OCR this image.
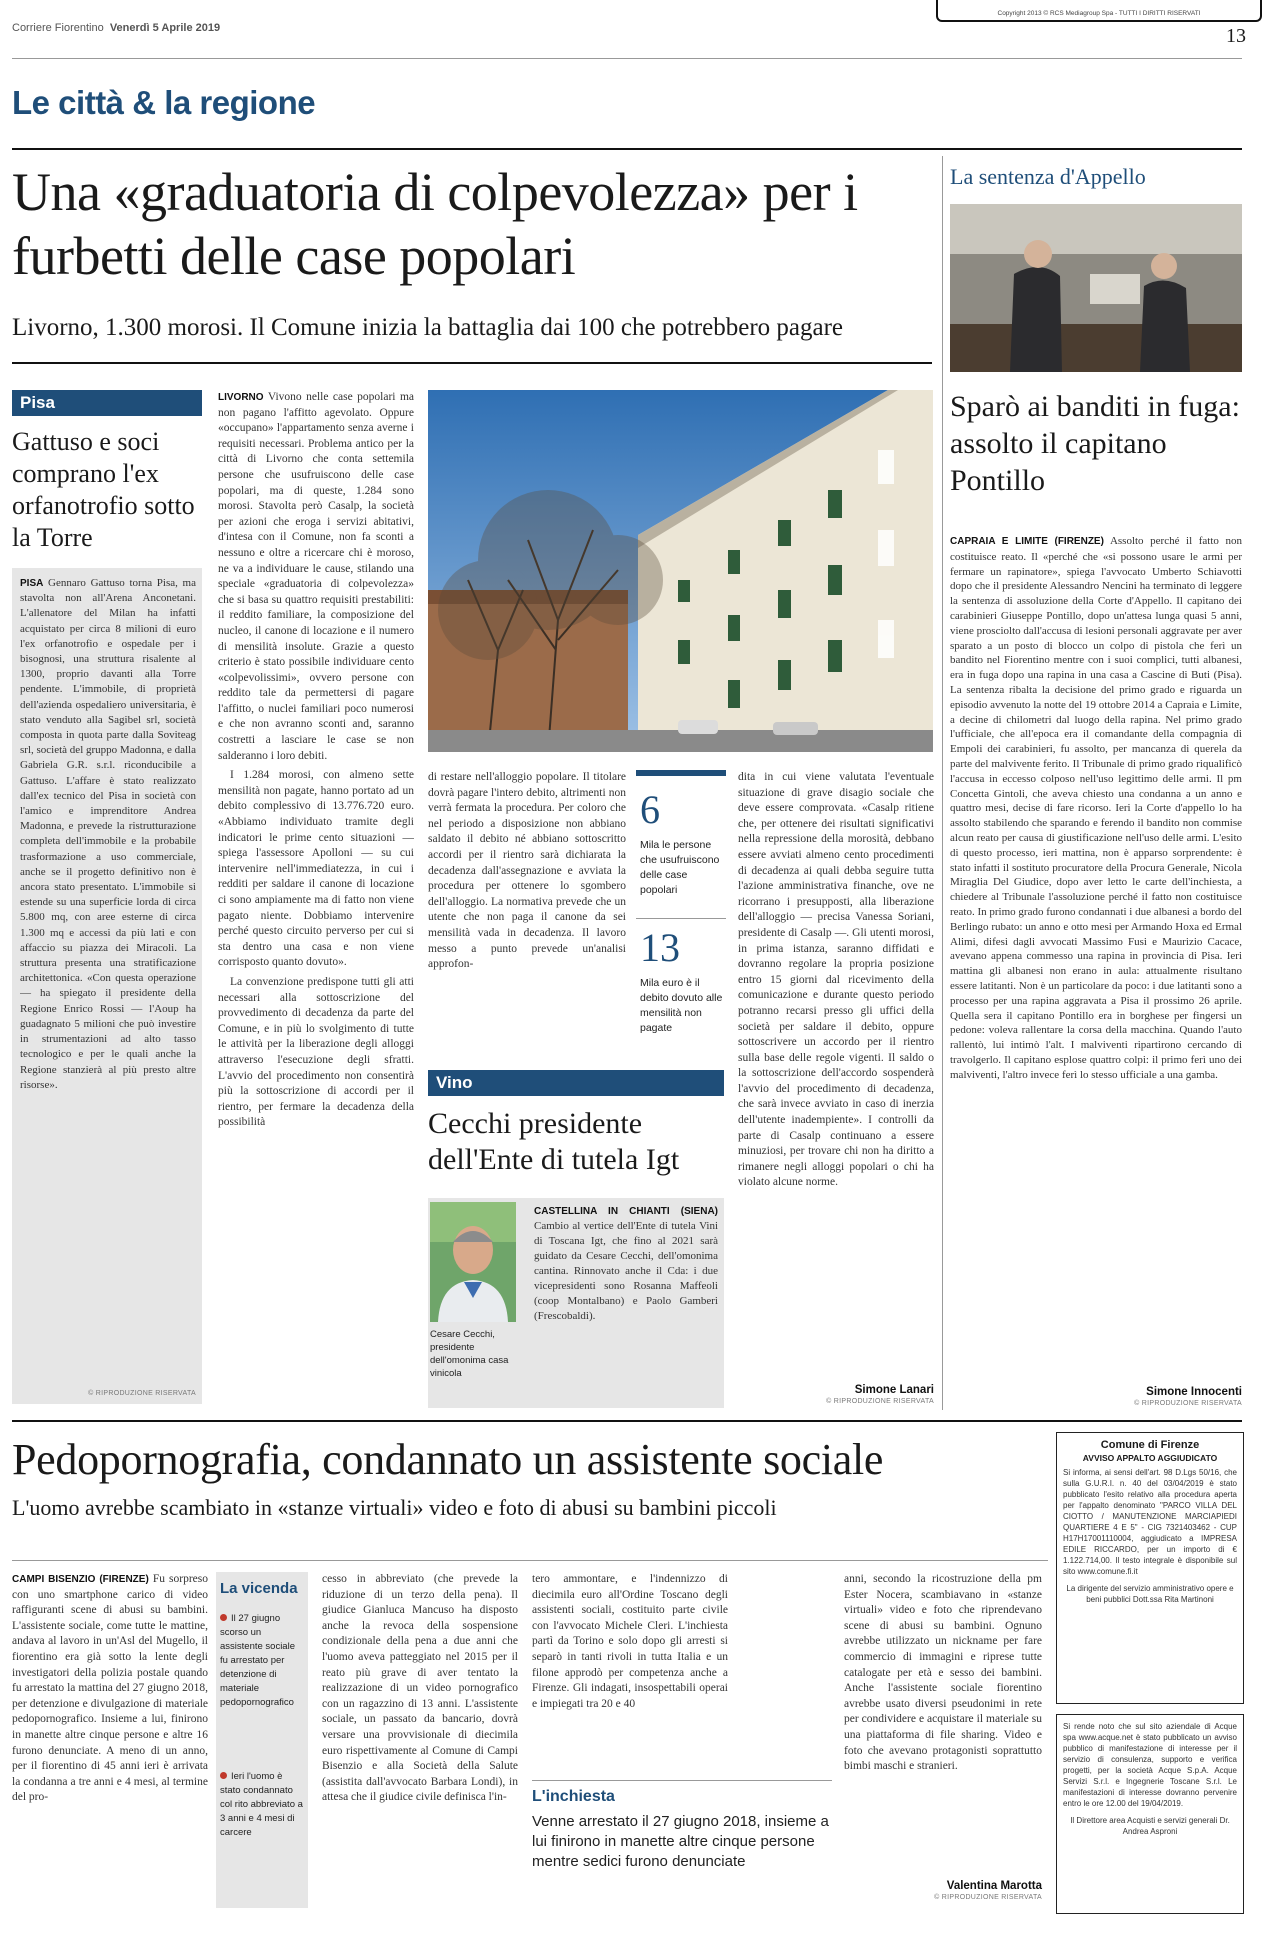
Corriere Fiorentino Venerdì 5 Aprile 2019
Copyright 2013 © RCS Mediagroup Spa - TUTTI I DIRITTI RISERVATI
13
Le città & la regione
Una «graduatoria di colpevolezza» per i furbetti delle case popolari
Livorno, 1.300 morosi. Il Comune inizia la battaglia dai 100 che potrebbero pagare
Pisa
Gattuso e soci comprano l'ex orfanotrofio sotto la Torre
PISA Gennaro Gattuso torna Pisa, ma stavolta non all'Arena Anconetani. L'allenatore del Milan ha infatti acquistato per circa 8 milioni di euro l'ex orfanotrofio e ospedale per i bisognosi, una struttura risalente al 1300, proprio davanti alla Torre pendente. L'immobile, di proprietà dell'azienda ospedaliero universitaria, è stato venduto alla Sagibel srl, società composta in quota parte dalla Soviteag srl, società del gruppo Madonna, e dalla Gabriela G.R. s.r.l. riconducibile a Gattuso. L'affare è stato realizzato dall'ex tecnico del Pisa in società con l'amico e imprenditore Andrea Madonna, e prevede la ristrutturazione completa dell'immobile e la probabile trasformazione a uso commerciale, anche se il progetto definitivo non è ancora stato presentato. L'immobile si estende su una superficie lorda di circa 5.800 mq, con aree esterne di circa 1.300 mq e accessi da più lati e con affaccio su piazza dei Miracoli. La struttura presenta una stratificazione architettonica. «Con questa operazione — ha spiegato il presidente della Regione Enrico Rossi — l'Aoup ha guadagnato 5 milioni che può investire in strumentazioni ad alto tasso tecnologico e per le quali anche la Regione stanzierà al più presto altre risorse».
© RIPRODUZIONE RISERVATA
LIVORNO Vivono nelle case popolari ma non pagano l'affitto agevolato. Oppure «occupano» l'appartamento senza averne i requisiti necessari. Problema antico per la città di Livorno che conta settemila persone che usufruiscono delle case popolari, ma di queste, 1.284 sono morosi. Stavolta però Casalp, la società per azioni che eroga i servizi abitativi, d'intesa con il Comune, non fa sconti a nessuno e oltre a ricercare chi è moroso, ne va a individuare le cause, stilando una speciale «graduatoria di colpevolezza» che si basa su quattro requisiti prestabiliti: il reddito familiare, la composizione del nucleo, il canone di locazione e il numero di mensilità insolute. Grazie a questo criterio è stato possibile individuare cento «colpevolissimi», ovvero persone con reddito tale da permettersi di pagare l'affitto, o nuclei familiari poco numerosi e che non avranno sconti and, saranno costretti a lasciare le case se non salderanno i loro debiti.

I 1.284 morosi, con almeno sette mensilità non pagate, hanno portato ad un debito complessivo di 13.776.720 euro. «Abbiamo individuato tramite degli indicatori le prime cento situazioni — spiega l'assessore Apolloni — su cui intervenire nell'immediatezza, in cui i redditi per saldare il canone di locazione ci sono ampiamente ma di fatto non viene pagato niente. Dobbiamo intervenire perché questo circuito perverso per cui si sta dentro una casa e non viene corrisposto quanto dovuto».

La convenzione predispone tutti gli atti necessari alla sottoscrizione del provvedimento di decadenza da parte del Comune, e in più lo svolgimento di tutte le attività per la liberazione degli alloggi attraverso l'esecuzione degli sfratti. L'avvio del procedimento non consentirà più la sottoscrizione di accordi per il rientro, per fermare la decadenza della possibilità

di restare nell'alloggio popolare. Il titolare dovrà pagare l'intero debito, altrimenti non verrà fermata la procedura. Per coloro che nel periodo a disposizione non abbiano saldato il debito né abbiano sottoscritto accordi per il rientro sarà dichiarata la decadenza dall'assegnazione e avviata la procedura per ottenere lo sgombero dell'alloggio. La normativa prevede che un utente che non paga il canone da sei mensilità vada in decadenza. Il lavoro messo a punto prevede un'analisi approfon-
6
Mila le persone che usufruiscono delle case popolari
13
Mila euro è il debito dovuto alle mensilità non pagate
dita in cui viene valutata l'eventuale situazione di grave disagio sociale che deve essere comprovata. «Casalp ritiene che, per ottenere dei risultati significativi nella repressione della morosità, debbano essere avviati almeno cento procedimenti di decadenza ai quali debba seguire tutta l'azione amministrativa finanche, ove ne ricorrano i presupposti, alla liberazione dell'alloggio — precisa Vanessa Soriani, presidente di Casalp —. Gli utenti morosi, in prima istanza, saranno diffidati e dovranno regolare la propria posizione entro 15 giorni dal ricevimento della comunicazione e durante questo periodo potranno recarsi presso gli uffici della società per saldare il debito, oppure sottoscrivere un accordo per il rientro sulla base delle regole vigenti. Il saldo o la sottoscrizione dell'accordo sospenderà l'avvio del procedimento di decadenza, che sarà invece avviato in caso di inerzia dell'utente inadempiente». I controlli da parte di Casalp continuano a essere minuziosi, per trovare chi non ha diritto a rimanere negli alloggi popolari o chi ha violato alcune norme.
Simone Lanari
© RIPRODUZIONE RISERVATA
Vino
Cecchi presidente dell'Ente di tutela Igt
Cesare Cecchi, presidente dell'omonima casa vinicola
CASTELLINA IN CHIANTI (SIENA) Cambio al vertice dell'Ente di tutela Vini di Toscana Igt, che fino al 2021 sarà guidato da Cesare Cecchi, dell'omonima cantina. Rinnovato anche il Cda: i due vicepresidenti sono Rosanna Maffeoli (coop Montalbano) e Paolo Gamberi (Frescobaldi).
La sentenza d'Appello
Sparò ai banditi in fuga: assolto il capitano Pontillo
CAPRAIA E LIMITE (FIRENZE) Assolto perché il fatto non costituisce reato. Il «perché che «si possono usare le armi per fermare un rapinatore», spiega l'avvocato Umberto Schiavotti dopo che il presidente Alessandro Nencini ha terminato di leggere la sentenza di assoluzione della Corte d'Appello. Il capitano dei carabinieri Giuseppe Pontillo, dopo un'attesa lunga quasi 5 anni, viene prosciolto dall'accusa di lesioni personali aggravate per aver sparato a un posto di blocco un colpo di pistola che ferì un bandito nel Fiorentino mentre con i suoi complici, tutti albanesi, era in fuga dopo una rapina in una casa a Cascine di Buti (Pisa). La sentenza ribalta la decisione del primo grado e riguarda un episodio avvenuto la notte del 19 ottobre 2014 a Capraia e Limite, a decine di chilometri dal luogo della rapina. Nel primo grado l'ufficiale, che all'epoca era il comandante della compagnia di Empoli dei carabinieri, fu assolto, per mancanza di querela da parte del malvivente ferito. Il Tribunale di primo grado riqualificò l'accusa in eccesso colposo nell'uso legittimo delle armi. Il pm Concetta Gintoli, che aveva chiesto una condanna a un anno e quattro mesi, decise di fare ricorso. Ieri la Corte d'appello lo ha assolto stabilendo che sparando e ferendo il bandito non commise alcun reato per causa di giustificazione nell'uso delle armi. L'esito di questo processo, ieri mattina, non è apparso sorprendente: è stato infatti il sostituto procuratore della Procura Generale, Nicola Miraglia Del Giudice, dopo aver letto le carte dell'inchiesta, a chiedere al Tribunale l'assoluzione perché il fatto non costituisce reato. In primo grado furono condannati i due albanesi a bordo del Berlingo rubato: un anno e otto mesi per Armando Hoxa ed Ermal Alimi, difesi dagli avvocati Massimo Fusi e Maurizio Cacace, avevano appena commesso una rapina in provincia di Pisa. Ieri mattina gli albanesi non erano in aula: attualmente risultano essere latitanti. Non è un particolare da poco: i due latitanti sono a processo per una rapina aggravata a Pisa il prossimo 26 aprile. Quella sera il capitano Pontillo era in borghese per fingersi un pedone: voleva rallentare la corsa della macchina. Quando l'auto rallentò, lui intimò l'alt. I malviventi ripartirono cercando di travolgerlo. Il capitano esplose quattro colpi: il primo ferì uno dei malviventi, l'altro invece ferì lo stesso ufficiale a una gamba.
Simone Innocenti
© RIPRODUZIONE RISERVATA
Pedopornografia, condannato un assistente sociale
L'uomo avrebbe scambiato in «stanze virtuali» video e foto di abusi su bambini piccoli
CAMPI BISENZIO (FIRENZE) Fu sorpreso con uno smartphone carico di video raffiguranti scene di abusi su bambini. L'assistente sociale, come tutte le mattine, andava al lavoro in un'Asl del Mugello, il fiorentino era già sotto la lente degli investigatori della polizia postale quando fu arrestato la mattina del 27 giugno 2018, per detenzione e divulgazione di materiale pedopornografico. Insieme a lui, finirono in manette altre cinque persone e altre 16 furono denunciate. A meno di un anno, per il fiorentino di 45 anni ieri è arrivata la condanna a tre anni e 4 mesi, al termine del pro-
La vicenda
Il 27 giugno scorso un assistente sociale fu arrestato per detenzione di materiale pedopornografico
Ieri l'uomo è stato condannato col rito abbreviato a 3 anni e 4 mesi di carcere
cesso in abbreviato (che prevede la riduzione di un terzo della pena). Il giudice Gianluca Mancuso ha disposto anche la revoca della sospensione condizionale della pena a due anni che l'uomo aveva patteggiato nel 2015 per il reato più grave di aver tentato la realizzazione di un video pornografico con un ragazzino di 13 anni. L'assistente sociale, un passato da bancario, dovrà versare una provvisionale di diecimila euro rispettivamente al Comune di Campi Bisenzio e alla Società della Salute (assistita dall'avvocato Barbara Londi), in attesa che il giudice civile definisca l'in-
tero ammontare, e l'indennizzo di diecimila euro all'Ordine Toscano degli assistenti sociali, costituito parte civile con l'avvocato Michele Cleri. L'inchiesta partì da Torino e solo dopo gli arresti si separò in tanti rivoli in tutta Italia e un filone approdò per competenza anche a Firenze. Gli indagati, insospettabili operai e impiegati tra 20 e 40
L'inchiesta
Venne arrestato il 27 giugno 2018, insieme a lui finirono in manette altre cinque persone mentre sedici furono denunciate
anni, secondo la ricostruzione della pm Ester Nocera, scambiavano in «stanze virtuali» video e foto che riprendevano scene di abusi su bambini. Ognuno avrebbe utilizzato un nickname per fare commercio di immagini e riprese tutte catalogate per età e sesso dei bambini. Anche l'assistente sociale fiorentino avrebbe usato diversi pseudonimi in rete per condividere e acquistare il materiale su una piattaforma di file sharing. Video e foto che avevano protagonisti soprattutto bimbi maschi e stranieri.
Valentina Marotta
© RIPRODUZIONE RISERVATA
Comune di Firenze
AVVISO APPALTO AGGIUDICATO
Si informa, ai sensi dell'art. 98 D.Lgs 50/16, che sulla G.U.R.I. n. 40 del 03/04/2019 è stato pubblicato l'esito relativo alla procedura aperta per l'appalto denominato "PARCO VILLA DEL CIOTTO / MANUTENZIONE MARCIAPIEDI QUARTIERE 4 E 5" - CIG 7321403462 - CUP H17H17001110004, aggiudicato a IMPRESA EDILE RICCARDO, per un importo di € 1.122.714,00. Il testo integrale è disponibile sul sito www.comune.fi.it
La dirigente del servizio amministrativo opere e beni pubblici Dott.ssa Rita Martinoni
Si rende noto che sul sito aziendale di Acque spa www.acque.net è stato pubblicato un avviso pubblico di manifestazione di interesse per il servizio di consulenza, supporto e verifica progetti, per la società Acque S.p.A. Acque Servizi S.r.l. e Ingegnerie Toscane S.r.l. Le manifestazioni di interesse dovranno pervenire entro le ore 12.00 del 19/04/2019.
Il Direttore area Acquisti e servizi generali Dr. Andrea Asproni
